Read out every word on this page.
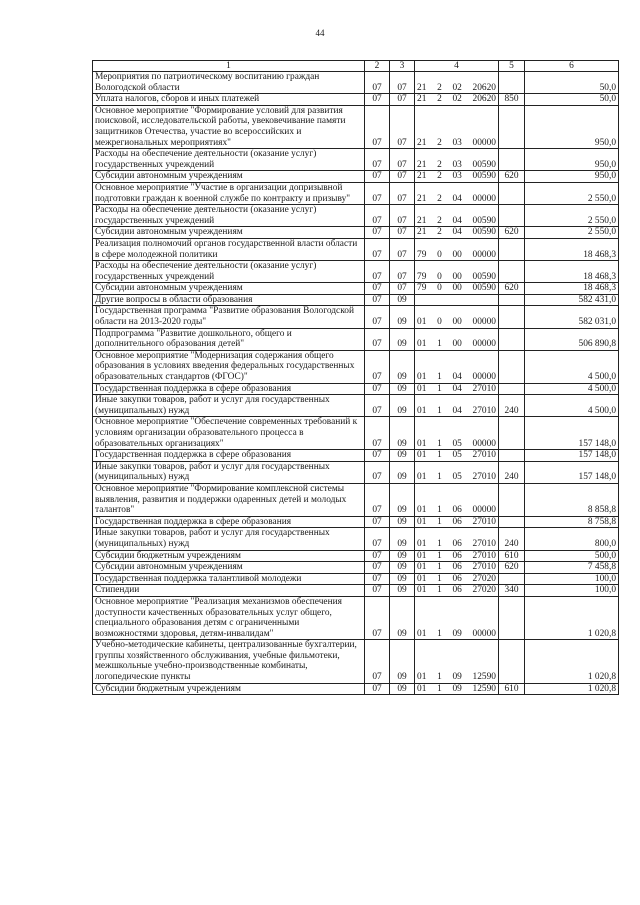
44
1	2	3	4	5	6
Мероприятия по патриотическому воспитанию граждан Вологодской области	07	07	21 2 02 20620		50,0
Уплата налогов, сборов и иных платежей	07	07	21 2 02 20620	850	50,0
Основное мероприятие "Формирование условий для развития поисковой, исследовательской работы, увековечивание памяти защитников Отечества, участие во всероссийских и межрегиональных мероприятиях"	07	07	21 2 03 00000		950,0
Расходы на обеспечение деятельности (оказание услуг) государственных учреждений	07	07	21 2 03 00590		950,0
Субсидии автономным учреждениям	07	07	21 2 03 00590	620	950,0
Основное мероприятие "Участие в организации допризывной подготовки граждан к военной службе по контракту и призыву"	07	07	21 2 04 00000		2 550,0
Расходы на обеспечение деятельности (оказание услуг) государственных учреждений	07	07	21 2 04 00590		2 550,0
Субсидии автономным учреждениям	07	07	21 2 04 00590	620	2 550,0
Реализация полномочий органов государственной власти области в сфере молодежной политики	07	07	79 0 00 00000		18 468,3
Расходы на обеспечение деятельности (оказание услуг) государственных учреждений	07	07	79 0 00 00590		18 468,3
Субсидии автономным учреждениям	07	07	79 0 00 00590	620	18 468,3
Другие вопросы в области образования	07	09			582 431,0
Государственная программа "Развитие образования Вологодской области на 2013-2020 годы"	07	09	01 0 00 00000		582 031,0
Подпрограмма "Развитие дошкольного, общего и дополнительного образования детей"	07	09	01 1 00 00000		506 890,8
Основное мероприятие "Модернизация содержания общего образования в условиях введения федеральных государственных образовательных стандартов (ФГОС)"	07	09	01 1 04 00000		4 500,0
Государственная поддержка в сфере образования	07	09	01 1 04 27010		4 500,0
Иные закупки товаров, работ и услуг для государственных (муниципальных) нужд	07	09	01 1 04 27010	240	4 500,0
Основное мероприятие "Обеспечение современных требований к условиям организации образовательного процесса в образовательных организациях"	07	09	01 1 05 00000		157 148,0
Государственная поддержка в сфере образования	07	09	01 1 05 27010		157 148,0
Иные закупки товаров, работ и услуг для государственных (муниципальных) нужд	07	09	01 1 05 27010	240	157 148,0
Основное мероприятие "Формирование комплексной системы выявления, развития и поддержки одаренных детей и молодых талантов"	07	09	01 1 06 00000		8 858,8
Государственная поддержка в сфере образования	07	09	01 1 06 27010		8 758,8
Иные закупки товаров, работ и услуг для государственных (муниципальных) нужд	07	09	01 1 06 27010	240	800,0
Субсидии бюджетным учреждениям	07	09	01 1 06 27010	610	500,0
Субсидии автономным учреждениям	07	09	01 1 06 27010	620	7 458,8
Государственная поддержка талантливой молодежи	07	09	01 1 06 27020		100,0
Стипендии	07	09	01 1 06 27020	340	100,0
Основное мероприятие "Реализация механизмов обеспечения доступности качественных образовательных услуг общего, специального образования детям с ограниченными возможностями здоровья, детям-инвалидам"	07	09	01 1 09 00000		1 020,8
Учебно-методические кабинеты, централизованные бухгалтерии, группы хозяйственного обслуживания, учебные фильмотеки, межшкольные учебно-производственные комбинаты, логопедические пункты	07	09	01 1 09 12590		1 020,8
Субсидии бюджетным учреждениям	07	09	01 1 09 12590	610	1 020,8
